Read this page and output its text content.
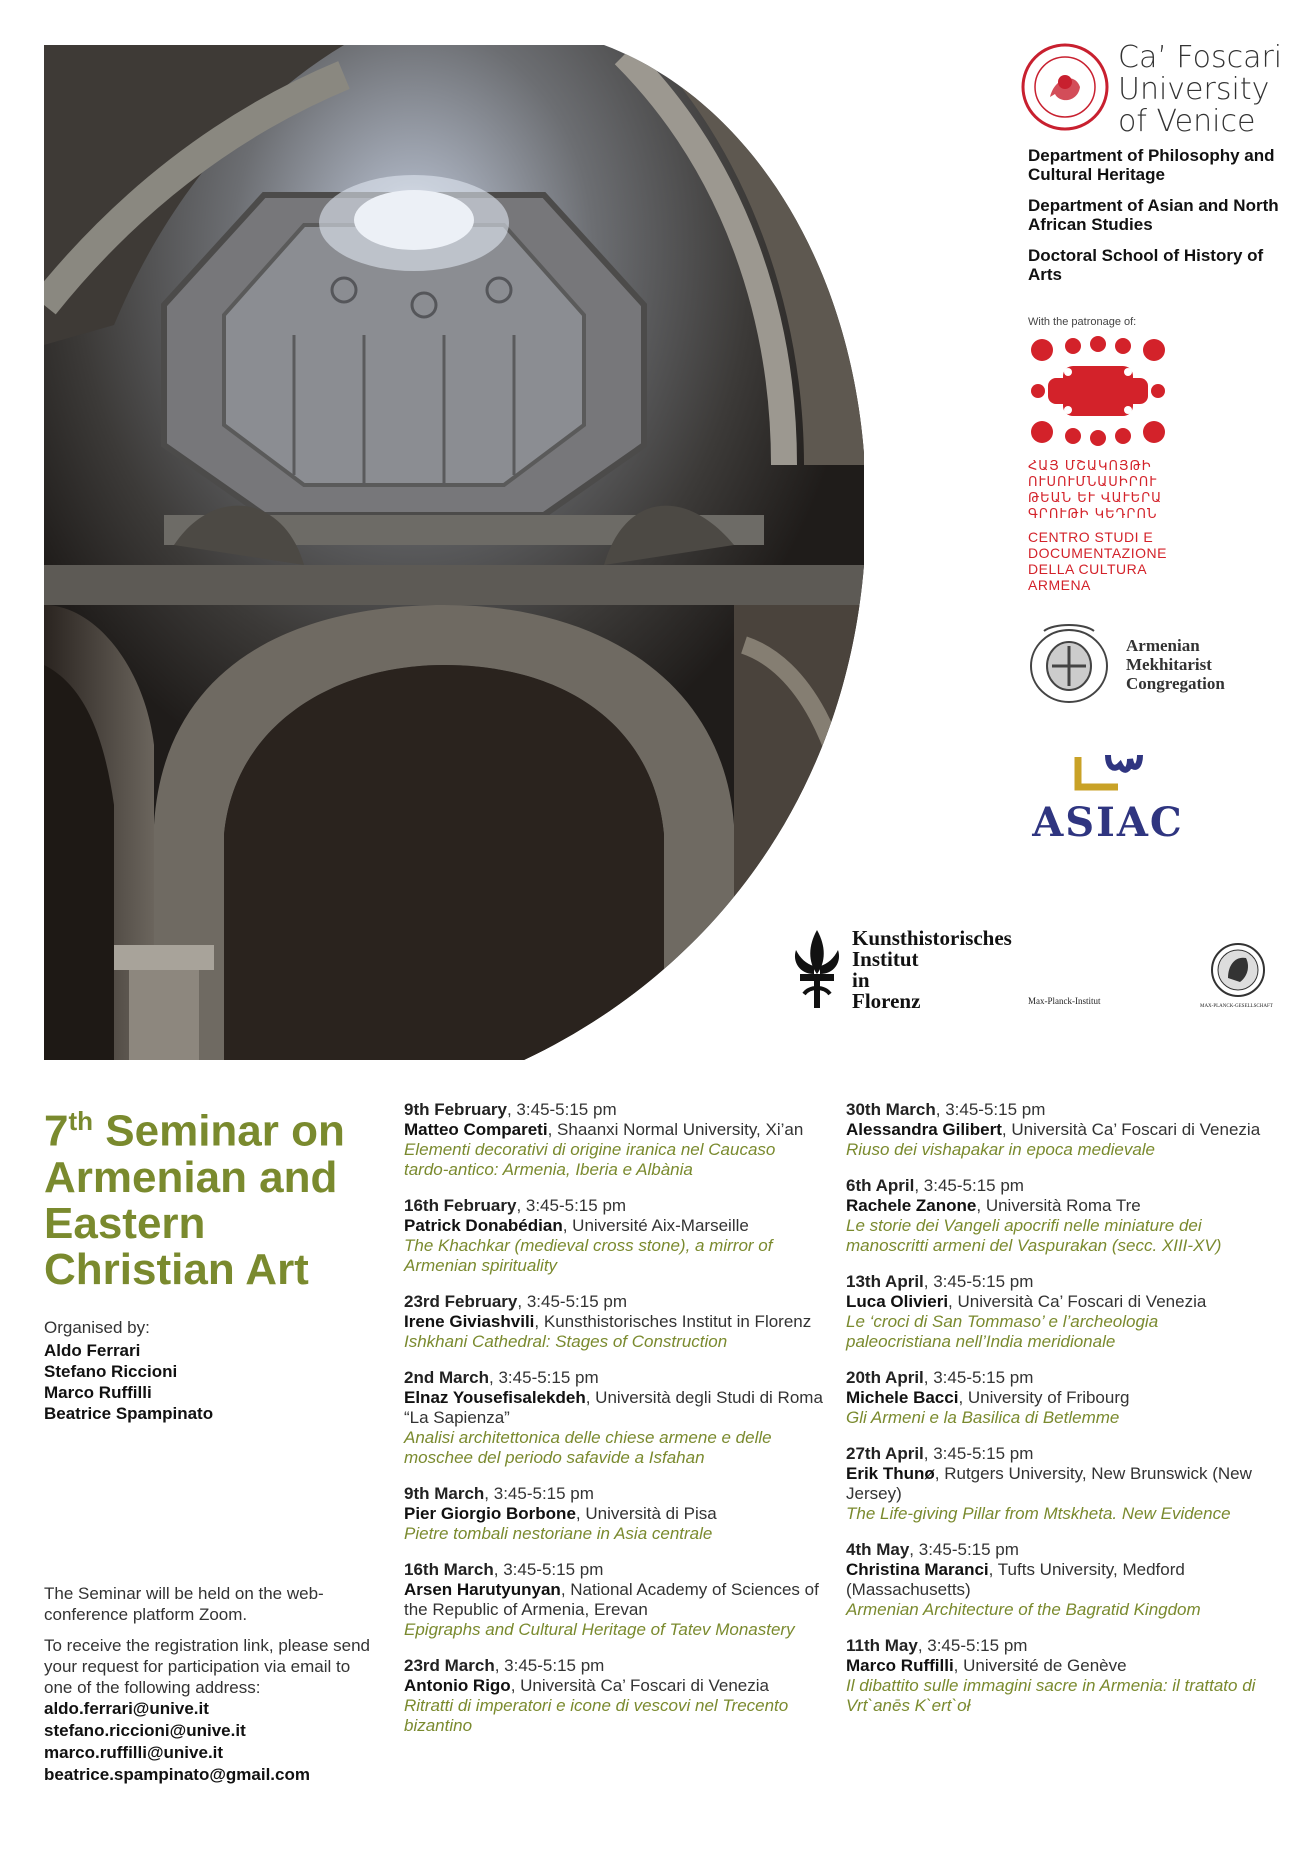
Ca’ Foscari
University
of Venice
Department of Philosophy and Cultural Heritage
Department of Asian and North African Studies
Doctoral School of History of Arts
With the patronage of:
ՀԱՅ ՄՇԱԿՈՅԹԻ
ՈՒՍՈՒՄՆԱՍԻՐՈՒ
ԹԵԱՆ ԵՒ ՎԱՒԵՐԱ
ԳՐՈՒԹԻ ԿԵԴՐՈՆ
CENTRO STUDI E
DOCUMENTAZIONE
DELLA CULTURA
ARMENA
Armenian
Mekhitarist
Congregation
ASIAC
Kunsthistorisches
Institut
in
Florenz	Max-Planck-Institut
MAX-PLANCK-GESELLSCHAFT
7th Seminar on Armenian and Eastern Christian Art
Organised by:
Aldo Ferrari
Stefano Riccioni
Marco Ruffilli
Beatrice Spampinato

The Seminar will be held on the web-conference platform Zoom.

To receive the registration link, please send your request for participation via email to one of the following address:

aldo.ferrari@unive.it
stefano.riccioni@unive.it
marco.ruffilli@unive.it
beatrice.spampinato@gmail.com
9th February, 3:45-5:15 pm
Matteo Compareti, Shaanxi Normal University, Xi’an
Elementi decorativi di origine iranica nel Caucaso tardo-antico: Armenia, Iberia e Albània
16th February, 3:45-5:15 pm
Patrick Donabédian, Université Aix-Marseille
The Khachkar (medieval cross stone), a mirror of Armenian spirituality
23rd February, 3:45-5:15 pm
Irene Giviashvili, Kunsthistorisches Institut in Florenz
Ishkhani Cathedral: Stages of Construction
2nd March, 3:45-5:15 pm
Elnaz Yousefisalekdeh, Università degli Studi di Roma “La Sapienza”
Analisi architettonica delle chiese armene e delle moschee del periodo safavide a Isfahan
9th March, 3:45-5:15 pm
Pier Giorgio Borbone, Università di Pisa
Pietre tombali nestoriane in Asia centrale
16th March, 3:45-5:15 pm
Arsen Harutyunyan, National Academy of Sciences of the Republic of Armenia, Erevan
Epigraphs and Cultural Heritage of Tatev Monastery
23rd March, 3:45-5:15 pm
Antonio Rigo, Università Ca’ Foscari di Venezia
Ritratti di imperatori e icone di vescovi nel Trecento bizantino
30th March, 3:45-5:15 pm
Alessandra Gilibert, Università Ca’ Foscari di Venezia
Riuso dei vishapakar in epoca medievale
6th April, 3:45-5:15 pm
Rachele Zanone, Università Roma Tre
Le storie dei Vangeli apocrifi nelle miniature dei manoscritti armeni del Vaspurakan (secc. XIII-XV)
13th April, 3:45-5:15 pm
Luca Olivieri, Università Ca’ Foscari di Venezia
Le ‘croci di San Tommaso’ e l’archeologia paleocristiana nell’India meridionale
20th April, 3:45-5:15 pm
Michele Bacci, University of Fribourg
Gli Armeni e la Basilica di Betlemme
27th April, 3:45-5:15 pm
Erik Thunø, Rutgers University, New Brunswick (New Jersey)
The Life-giving Pillar from Mtskheta. New Evidence
4th May, 3:45-5:15 pm
Christina Maranci, Tufts University, Medford (Massachusetts)
Armenian Architecture of the Bagratid Kingdom
11th May, 3:45-5:15 pm
Marco Ruffilli, Université de Genève
Il dibattito sulle immagini sacre in Armenia: il trattato di Vrt`anēs K`ert`oł
